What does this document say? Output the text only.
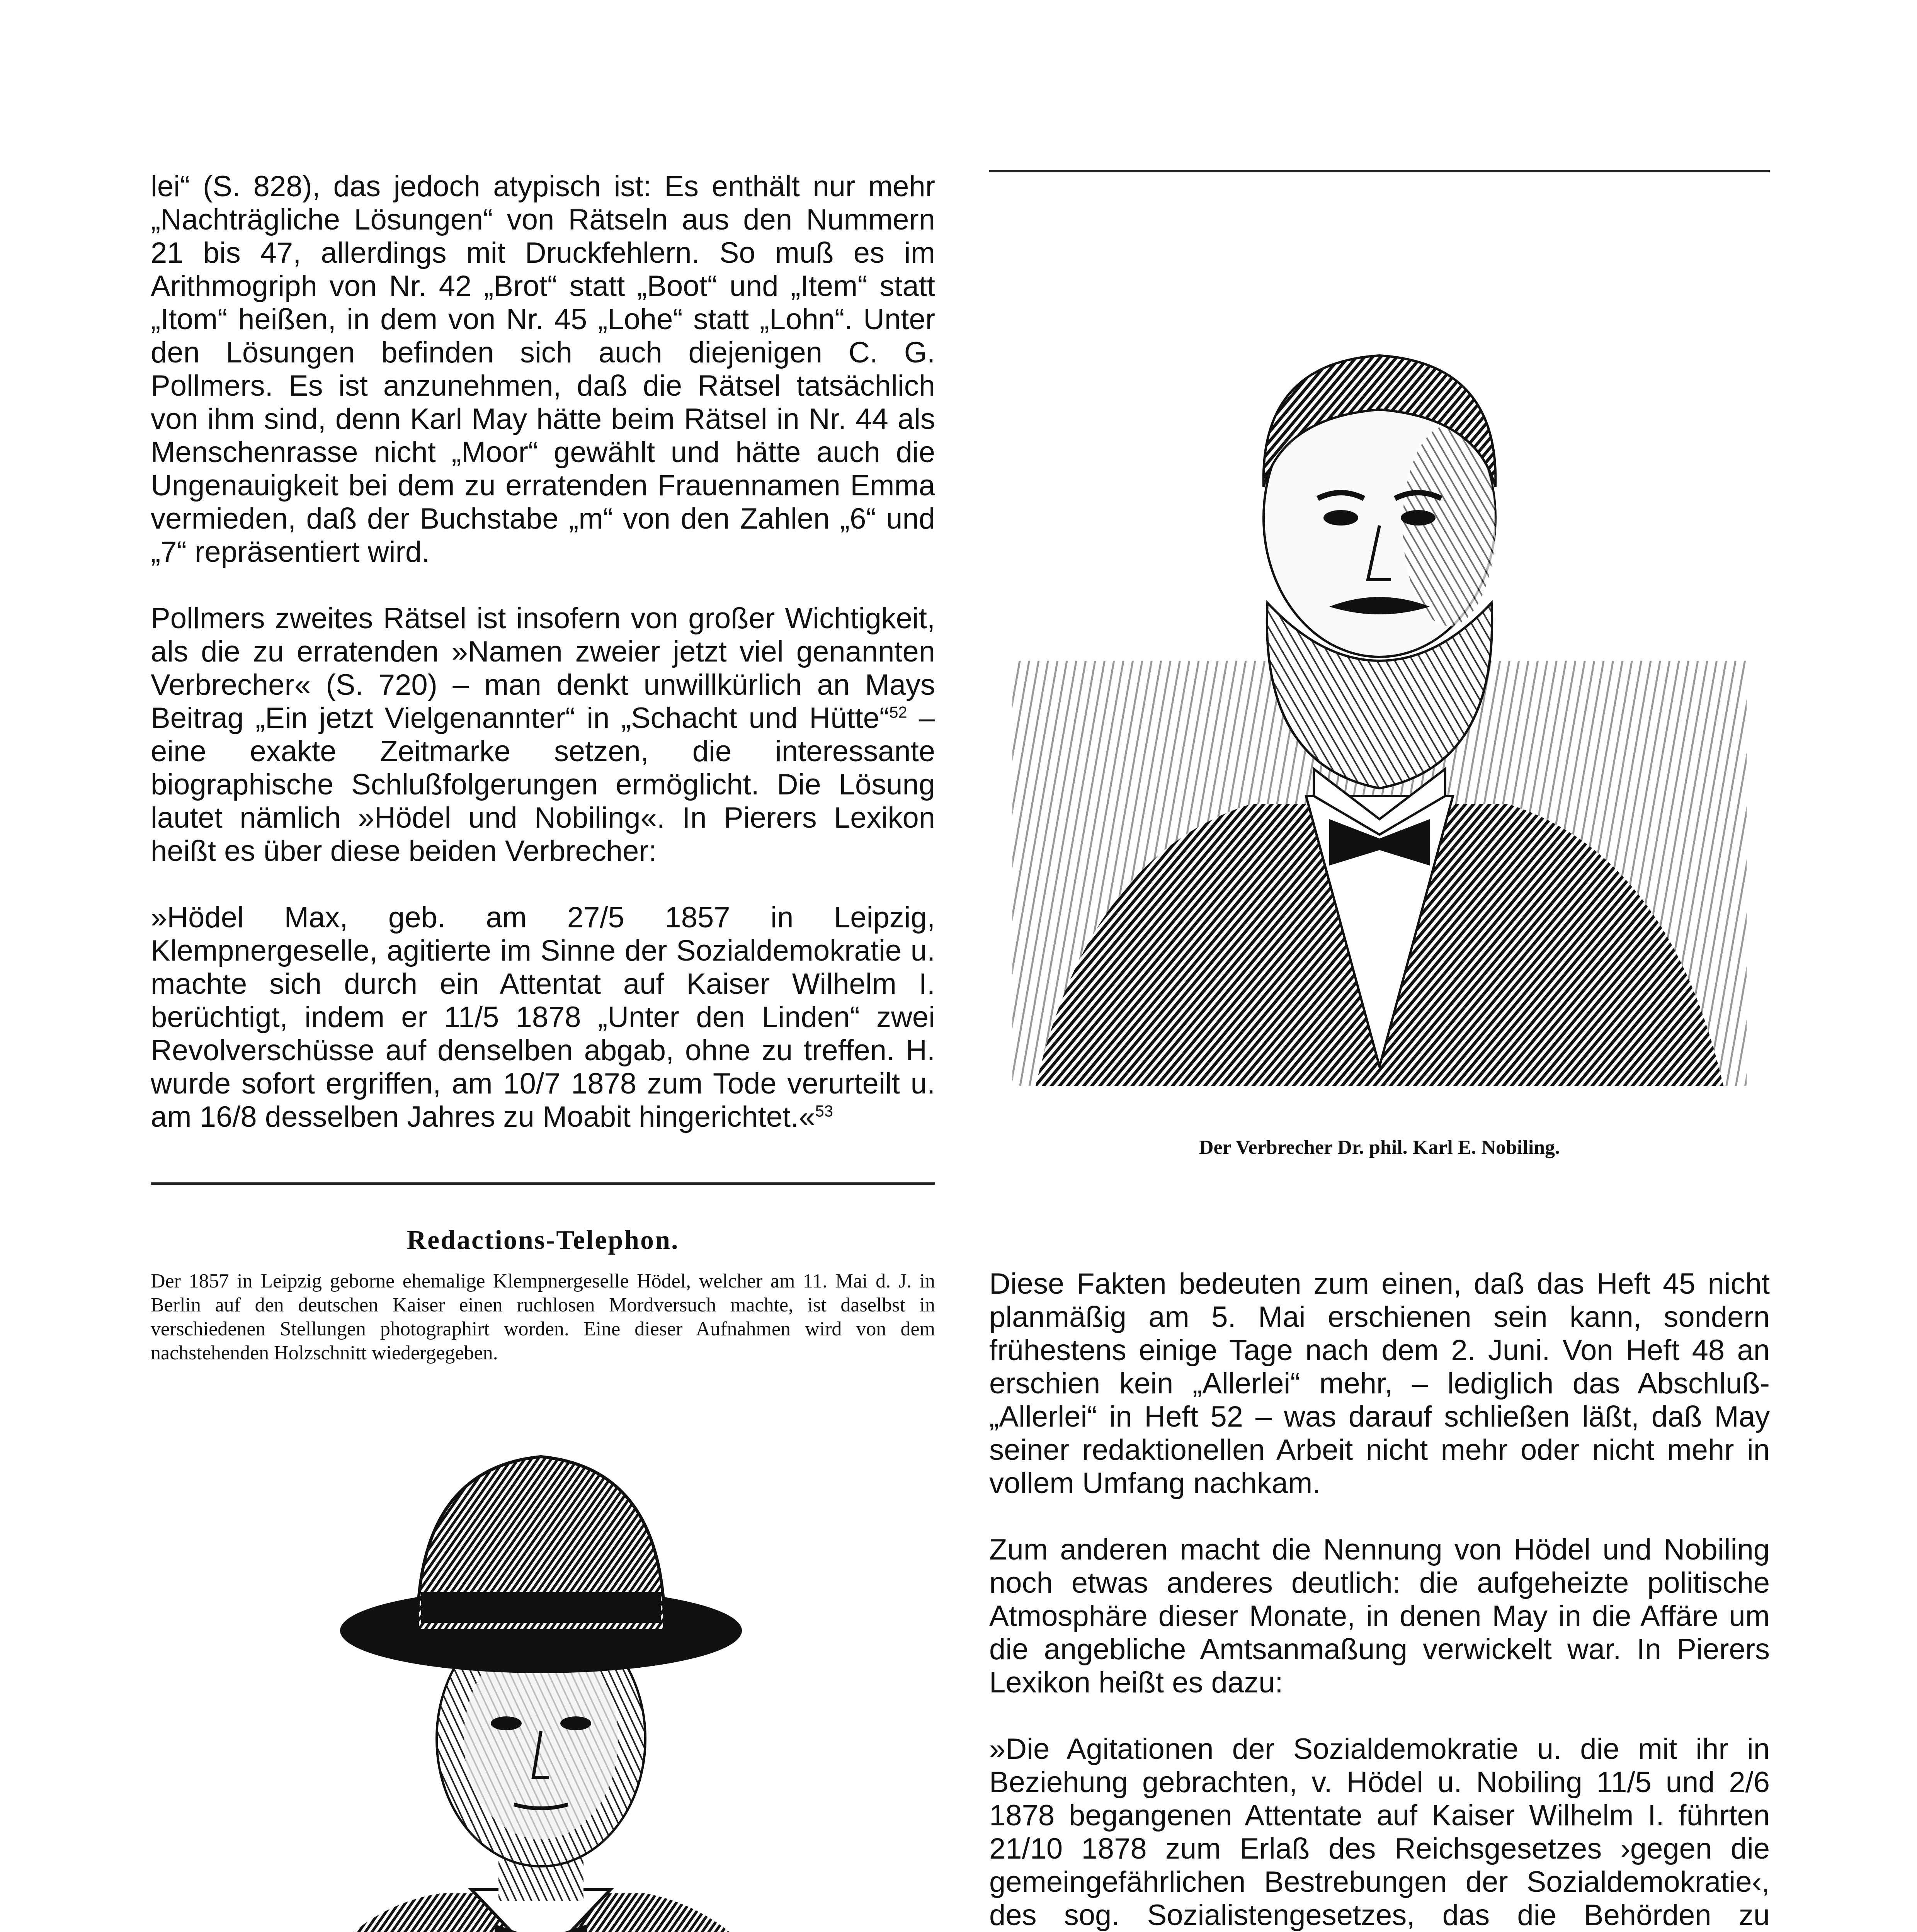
lei“ (S. 828), das jedoch atypisch ist: Es enthält nur mehr „Nachträgliche Lösungen“ von Rätseln aus den Nummern 21 bis 47, allerdings mit Druckfehlern. So muß es im Arithmogriph von Nr. 42 „Brot“ statt „Boot“ und „Item“ statt „Itom“ heißen, in dem von Nr. 45 „Lohe“ statt „Lohn“. Unter den Lösungen befinden sich auch diejenigen C. G. Pollmers. Es ist anzunehmen, daß die Rätsel tatsächlich von ihm sind, denn Karl May hätte beim Rätsel in Nr. 44 als Menschenrasse nicht „Moor“ gewählt und hätte auch die Ungenauigkeit bei dem zu erratenden Frauennamen Emma vermieden, daß der Buchstabe „m“ von den Zahlen „6“ und „7“ repräsentiert wird.

Pollmers zweites Rätsel ist insofern von großer Wichtigkeit, als die zu erratenden »Namen zweier jetzt viel genannten Verbrecher« (S. 720) – man denkt unwillkürlich an Mays Beitrag „Ein jetzt Vielgenannter“ in „Schacht und Hütte“$^{52}$ – eine exakte Zeitmarke setzen, die interessante biographische Schlußfolgerungen ermöglicht. Die Lösung lautet nämlich »Hödel und Nobiling«. In Pierers Lexikon heißt es über diese beiden Verbrecher:

»Hödel Max, geb. am 27/5 1857 in Leipzig, Klempnergeselle, agitierte im Sinne der Sozialdemokratie u. machte sich durch ein Attentat auf Kaiser Wilhelm I. berüchtigt, indem er 11/5 1878 „Unter den Linden“ zwei Revolverschüsse auf denselben abgab, ohne zu treffen. H. wurde sofort ergriffen, am 10/7 1878 zum Tode verurteilt u. am 16/8 desselben Jahres zu Moabit hingerichtet.«$^{53}$

Redactions-Telephon.
Der 1857 in Leipzig geborne ehemalige Klempnergeselle Hödel, welcher am 11. Mai d. J. in Berlin auf den deutschen Kaiser einen ruchlosen Mordversuch machte, ist daselbst in verschiedenen Stellungen photographirt worden. Eine dieser Aufnahmen wird von dem nachstehenden Holzschnitt wiedergegeben.

Der Verbrecher Dr. phil. Karl E. Nobiling.

Diese Fakten bedeuten zum einen, daß das Heft 45 nicht planmäßig am 5. Mai erschienen sein kann, sondern frühestens einige Tage nach dem 2. Juni. Von Heft 48 an erschien kein „Allerlei“ mehr, – lediglich das Abschluß-„Allerlei“ in Heft 52 – was darauf schließen läßt, daß May seiner redaktionellen Arbeit nicht mehr oder nicht mehr in vollem Umfang nachkam.

Zum anderen macht die Nennung von Hödel und Nobiling noch etwas anderes deutlich: die aufgeheizte politische Atmosphäre dieser Monate, in denen May in die Affäre um die angebliche Amtsanmaßung verwickelt war. In Pierers Lexikon heißt es dazu:

»Die Agitationen der Sozialdemokratie u. die mit ihr in Beziehung gebrachten, v. Hödel u. Nobiling 11/5 und 2/6 1878 begangenen Attentate auf Kaiser Wilhelm I. führten 21/10 1878 zum Erlaß des Reichsgesetzes ›gegen die gemeingefährlichen Bestrebungen der Sozialdemokratie‹, des sog. Sozialistengesetzes, das die Behörden zu
